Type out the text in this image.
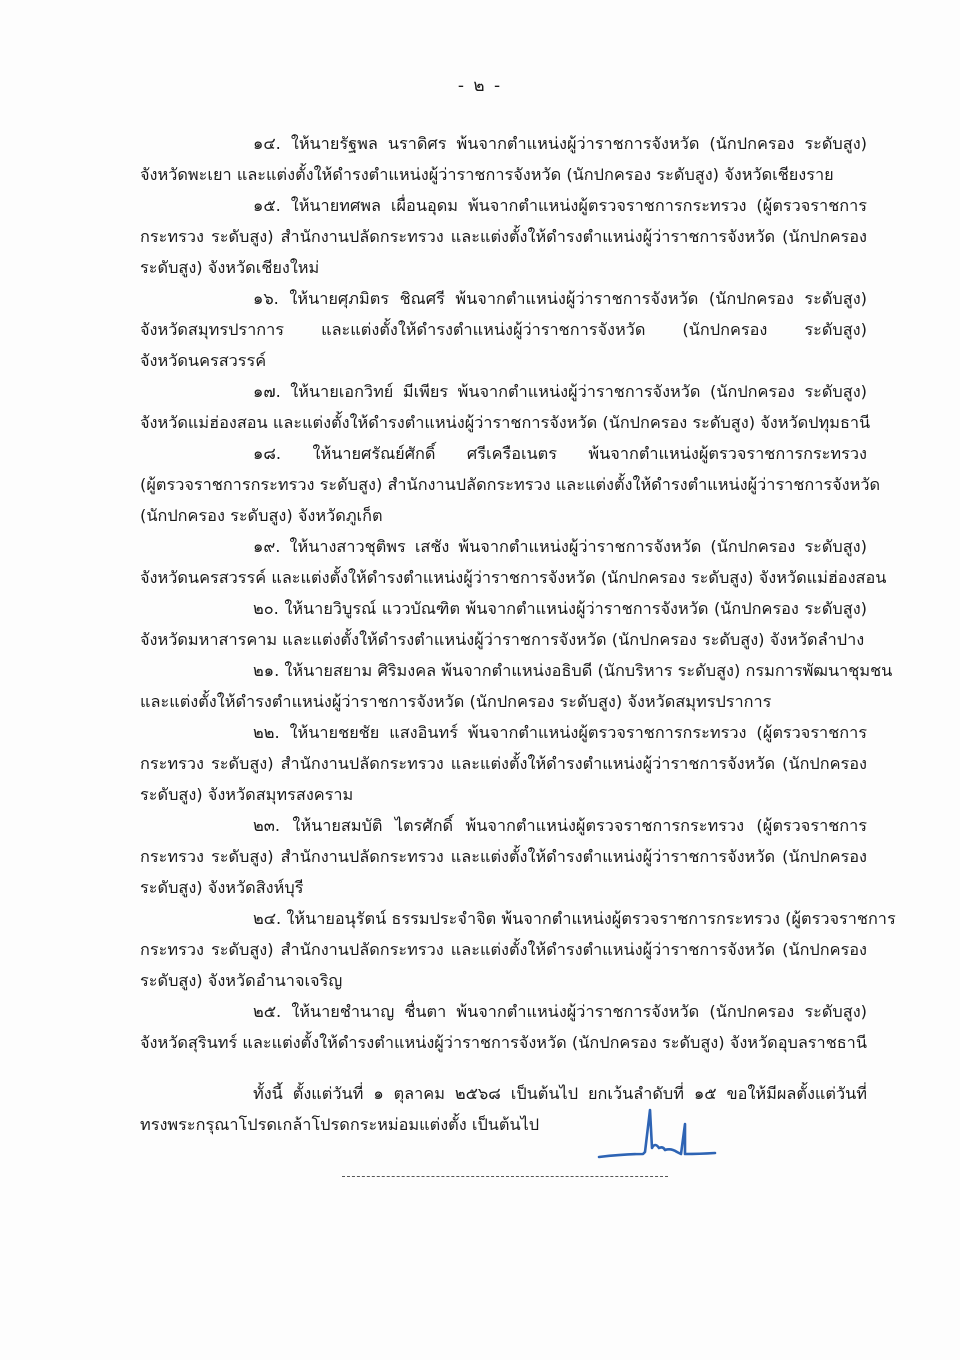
- ๒ -
๑๔. ให้นายรัฐพล นราดิศร พ้นจากตำแหน่งผู้ว่าราชการจังหวัด (นักปกครอง ระดับสูง)
จังหวัดพะเยา และแต่งตั้งให้ดำรงตำแหน่งผู้ว่าราชการจังหวัด (นักปกครอง ระดับสูง) จังหวัดเชียงราย
๑๕. ให้นายทศพล เผื่อนอุดม พ้นจากตำแหน่งผู้ตรวจราชการกระทรวง (ผู้ตรวจราชการ
กระทรวง ระดับสูง) สำนักงานปลัดกระทรวง และแต่งตั้งให้ดำรงตำแหน่งผู้ว่าราชการจังหวัด (นักปกครอง
ระดับสูง) จังหวัดเชียงใหม่
๑๖. ให้นายศุภมิตร ชิณศรี พ้นจากตำแหน่งผู้ว่าราชการจังหวัด (นักปกครอง ระดับสูง)
จังหวัดสมุทรปราการ และแต่งตั้งให้ดำรงตำแหน่งผู้ว่าราชการจังหวัด (นักปกครอง ระดับสูง)
จังหวัดนครสวรรค์
๑๗. ให้นายเอกวิทย์ มีเพียร พ้นจากตำแหน่งผู้ว่าราชการจังหวัด (นักปกครอง ระดับสูง)
จังหวัดแม่ฮ่องสอน และแต่งตั้งให้ดำรงตำแหน่งผู้ว่าราชการจังหวัด (นักปกครอง ระดับสูง) จังหวัดปทุมธานี
๑๘. ให้นายศรัณย์ศักดิ์ ศรีเครือเนตร พ้นจากตำแหน่งผู้ตรวจราชการกระทรวง
(ผู้ตรวจราชการกระทรวง ระดับสูง) สำนักงานปลัดกระทรวง และแต่งตั้งให้ดำรงตำแหน่งผู้ว่าราชการจังหวัด
(นักปกครอง ระดับสูง) จังหวัดภูเก็ต
๑๙. ให้นางสาวชุติพร เสชัง พ้นจากตำแหน่งผู้ว่าราชการจังหวัด (นักปกครอง ระดับสูง)
จังหวัดนครสวรรค์ และแต่งตั้งให้ดำรงตำแหน่งผู้ว่าราชการจังหวัด (นักปกครอง ระดับสูง) จังหวัดแม่ฮ่องสอน
๒๐. ให้นายวิบูรณ์ แววบัณฑิต พ้นจากตำแหน่งผู้ว่าราชการจังหวัด (นักปกครอง ระดับสูง)
จังหวัดมหาสารคาม และแต่งตั้งให้ดำรงตำแหน่งผู้ว่าราชการจังหวัด (นักปกครอง ระดับสูง) จังหวัดลำปาง
๒๑. ให้นายสยาม ศิริมงคล พ้นจากตำแหน่งอธิบดี (นักบริหาร ระดับสูง) กรมการพัฒนาชุมชน
และแต่งตั้งให้ดำรงตำแหน่งผู้ว่าราชการจังหวัด (นักปกครอง ระดับสูง) จังหวัดสมุทรปราการ
๒๒. ให้นายชยชัย แสงอินทร์ พ้นจากตำแหน่งผู้ตรวจราชการกระทรวง (ผู้ตรวจราชการ
กระทรวง ระดับสูง) สำนักงานปลัดกระทรวง และแต่งตั้งให้ดำรงตำแหน่งผู้ว่าราชการจังหวัด (นักปกครอง
ระดับสูง) จังหวัดสมุทรสงคราม
๒๓. ให้นายสมบัติ ไตรศักดิ์ พ้นจากตำแหน่งผู้ตรวจราชการกระทรวง (ผู้ตรวจราชการ
กระทรวง ระดับสูง) สำนักงานปลัดกระทรวง และแต่งตั้งให้ดำรงตำแหน่งผู้ว่าราชการจังหวัด (นักปกครอง
ระดับสูง) จังหวัดสิงห์บุรี
๒๔. ให้นายอนุรัตน์ ธรรมประจำจิต พ้นจากตำแหน่งผู้ตรวจราชการกระทรวง (ผู้ตรวจราชการ
กระทรวง ระดับสูง) สำนักงานปลัดกระทรวง และแต่งตั้งให้ดำรงตำแหน่งผู้ว่าราชการจังหวัด (นักปกครอง
ระดับสูง) จังหวัดอำนาจเจริญ
๒๕. ให้นายชำนาญ ชื่นตา พ้นจากตำแหน่งผู้ว่าราชการจังหวัด (นักปกครอง ระดับสูง)
จังหวัดสุรินทร์ และแต่งตั้งให้ดำรงตำแหน่งผู้ว่าราชการจังหวัด (นักปกครอง ระดับสูง) จังหวัดอุบลราชธานี
ทั้งนี้ ตั้งแต่วันที่ ๑ ตุลาคม ๒๕๖๘ เป็นต้นไป ยกเว้นลำดับที่ ๑๕ ขอให้มีผลตั้งแต่วันที่
ทรงพระกรุณาโปรดเกล้าโปรดกระหม่อมแต่งตั้ง เป็นต้นไป
